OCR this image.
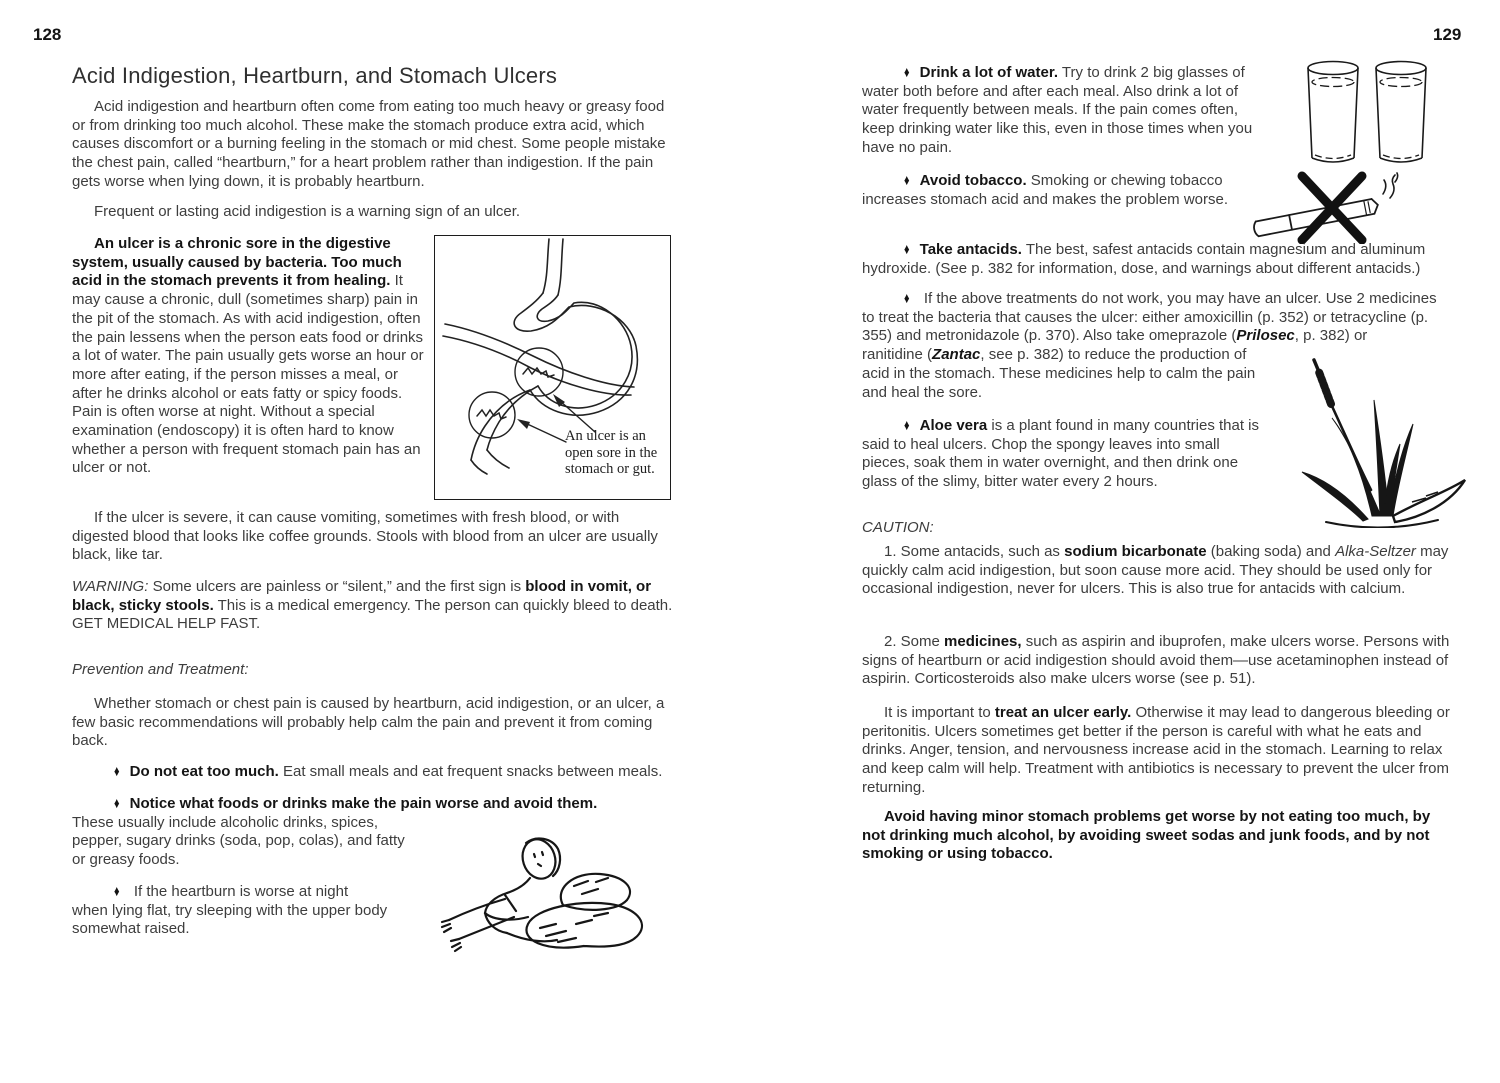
128	129
Acid Indigestion, Heartburn, and Stomach Ulcers
Acid indigestion and heartburn often come from eating too much heavy or greasy food or from drinking too much alcohol. These make the stomach produce extra acid, which causes discomfort or a burning feeling in the stomach or mid chest. Some people mistake the chest pain, called “heartburn,” for a heart problem rather than indigestion. If the pain gets worse when lying down, it is probably heartburn.
Frequent or lasting acid indigestion is a warning sign of an ulcer.
An ulcer is a chronic sore in the digestive system, usually caused by bacteria. Too much acid in the stomach prevents it from healing. It may cause a chronic, dull (sometimes sharp) pain in the pit of the stomach. As with acid indigestion, often the pain lessens when the person eats food or drinks a lot of water. The pain usually gets worse an hour or more after eating, if the person misses a meal, or after he drinks alcohol or eats fatty or spicy foods. Pain is often worse at night. Without a special examination (endoscopy) it is often hard to know whether a person with frequent stomach pain has an ulcer or not.
An ulcer is an
open sore in the
stomach or gut.
If the ulcer is severe, it can cause vomiting, sometimes with fresh blood, or with digested blood that looks like coffee grounds. Stools with blood from an ulcer are usually black, like tar.
WARNING: Some ulcers are painless or “silent,” and the first sign is blood in vomit, or black, sticky stools. This is a medical emergency. The person can quickly bleed to death. GET MEDICAL HELP FAST.
Prevention and Treatment:
Whether stomach or chest pain is caused by heartburn, acid indigestion, or an ulcer, a few basic recommendations will probably help calm the pain and prevent it from coming back.
♦ Do not eat too much. Eat small meals and eat frequent snacks between meals.
♦ Notice what foods or drinks make the pain worse and avoid them.
These usually include alcoholic drinks, spices, pepper, sugary drinks (soda, pop, colas), and fatty or greasy foods.
♦ If the heartburn is worse at night when lying flat, try sleeping with the upper body somewhat raised.
♦ Drink a lot of water. Try to drink 2 big glasses of water both before and after each meal. Also drink a lot of water frequently between meals. If the pain comes often, keep drinking water like this, even in those times when you have no pain.
♦ Avoid tobacco. Smoking or chewing tobacco increases stomach acid and makes the problem worse.
♦ Take antacids. The best, safest antacids contain magnesium and aluminum hydroxide. (See p. 382 for information, dose, and warnings about different antacids.)
♦ If the above treatments do not work, you may have an ulcer. Use 2 medicines to treat the bacteria that causes the ulcer: either amoxicillin (p. 352) or tetracycline (p. 355) and metronidazole (p. 370). Also take omeprazole (Prilosec, p. 382) or
ranitidine (Zantac, see p. 382) to reduce the production of acid in the stomach. These medicines help to calm the pain and heal the sore.
♦ Aloe vera is a plant found in many countries that is said to heal ulcers. Chop the spongy leaves into small pieces, soak them in water overnight, and then drink one glass of the slimy, bitter water every 2 hours.
CAUTION:
1. Some antacids, such as sodium bicarbonate (baking soda) and Alka-Seltzer may quickly calm acid indigestion, but soon cause more acid. They should be used only for occasional indigestion, never for ulcers. This is also true for antacids with calcium.
2. Some medicines, such as aspirin and ibuprofen, make ulcers worse. Persons with signs of heartburn or acid indigestion should avoid them—use acetaminophen instead of aspirin. Corticosteroids also make ulcers worse (see p. 51).
It is important to treat an ulcer early. Otherwise it may lead to dangerous bleeding or peritonitis. Ulcers sometimes get better if the person is careful with what he eats and drinks. Anger, tension, and nervousness increase acid in the stomach. Learning to relax and keep calm will help. Treatment with antibiotics is necessary to prevent the ulcer from returning.
Avoid having minor stomach problems get worse by not eating too much, by not drinking much alcohol, by avoiding sweet sodas and junk foods, and by not smoking or using tobacco.
